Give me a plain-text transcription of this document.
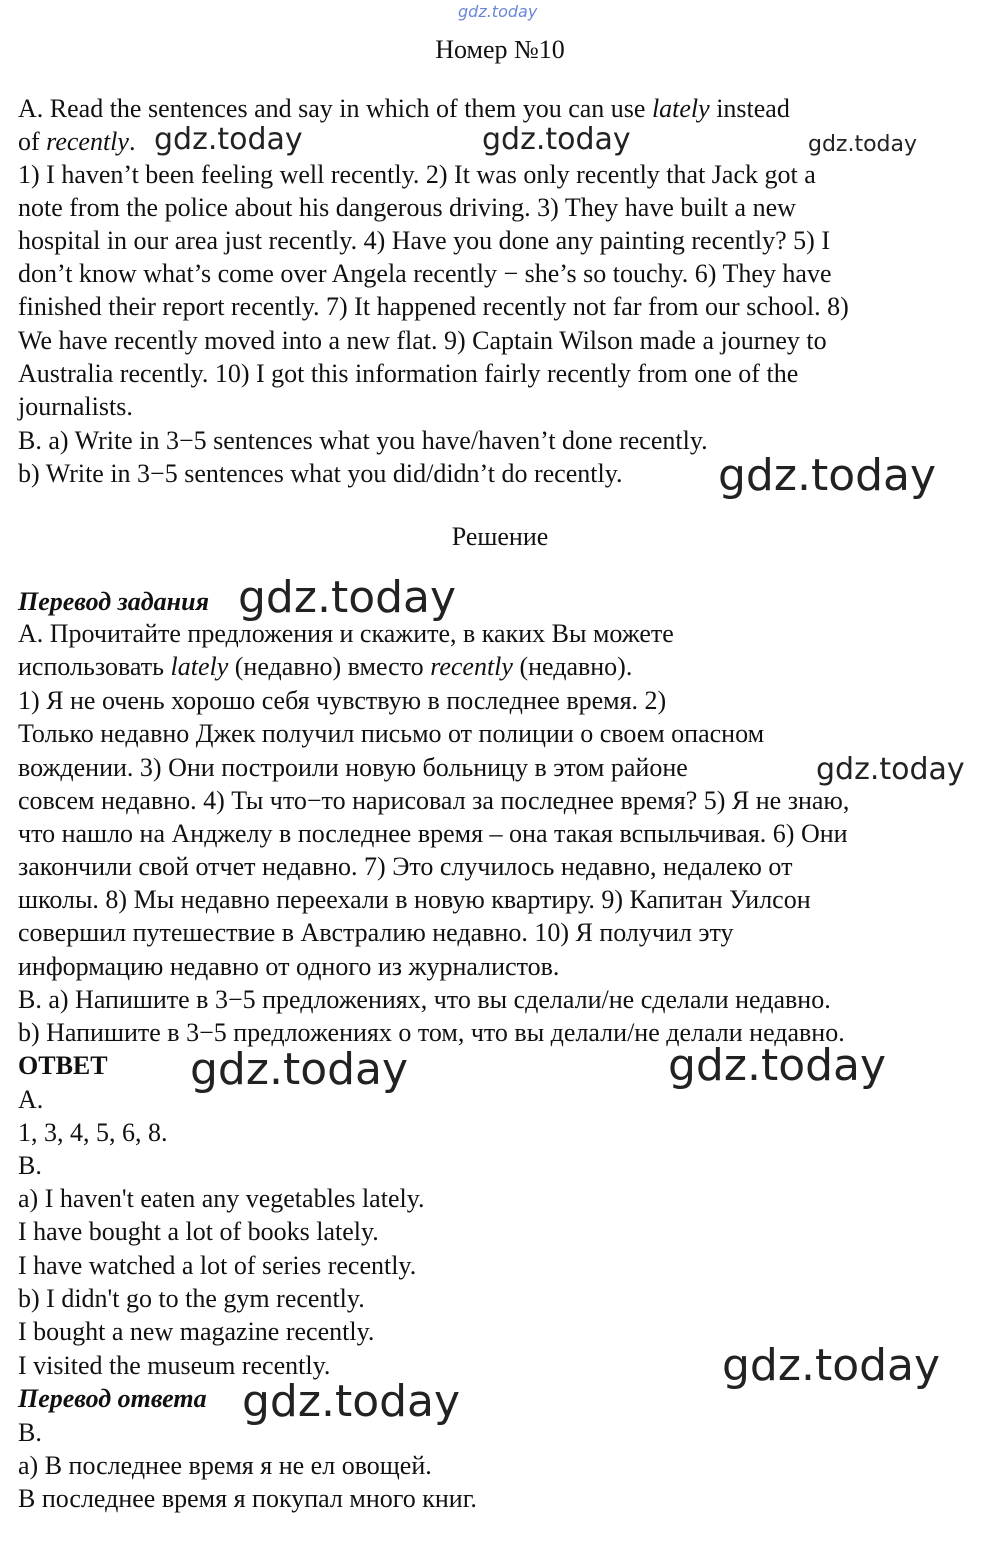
gdz.today
Номер №10
A. Read the sentences and say in which of them you can use lately instead
of recently. gdz.today	gdz.today	gdz.today
1) I haven’t been feeling well recently. 2) It was only recently that Jack got a
note from the police about his dangerous driving. 3) They have built a new
hospital in our area just recently. 4) Have you done any painting recently? 5) I
don’t know what’s come over Angela recently − she’s so touchy. 6) They have
finished their report recently. 7) It happened recently not far from our school. 8)
We have recently moved into a new flat. 9) Captain Wilson made a journey to
Australia recently. 10) I got this information fairly recently from one of the
journalists.
B. a) Write in 3−5 sentences what you have/haven’t done recently.
b) Write in 3−5 sentences what you did/didn’t do recently. gdz.today
Решение
Перевод задания gdz.today
А. Прочитайте предложения и скажите, в каких Вы можете
использовать lately (недавно) вместо recently (недавно).
1) Я не очень хорошо себя чувствую в последнее время. 2)
Только недавно Джек получил письмо от полиции о своем опасном
вождении. 3) Они построили новую больницу в этом районе	gdz.today
совсем недавно. 4) Ты что−то нарисовал за последнее время? 5) Я не знаю,
что нашло на Анджелу в последнее время – она такая вспыльчивая. 6) Они
закончили свой отчет недавно. 7) Это случилось недавно, недалеко от
школы. 8) Мы недавно переехали в новую квартиру. 9) Капитан Уилсон
совершил путешествие в Австралию недавно. 10) Я получил эту
информацию недавно от одного из журналистов.
В. a) Напишите в 3−5 предложениях, что вы сделали/не сделали недавно.
b) Напишите в 3−5 предложениях о том, что вы делали/не делали недавно.
ОТВЕТ gdz.today	gdz.today
A.
1, 3, 4, 5, 6, 8.
B.
a) I haven't eaten any vegetables lately.
I have bought a lot of books lately.
I have watched a lot of series recently.
b) I didn't go to the gym recently.
I bought a new magazine recently.
I visited the museum recently.	gdz.today
Перевод ответа gdz.today
B.
а) В последнее время я не ел овощей.
В последнее время я покупал много книг.
